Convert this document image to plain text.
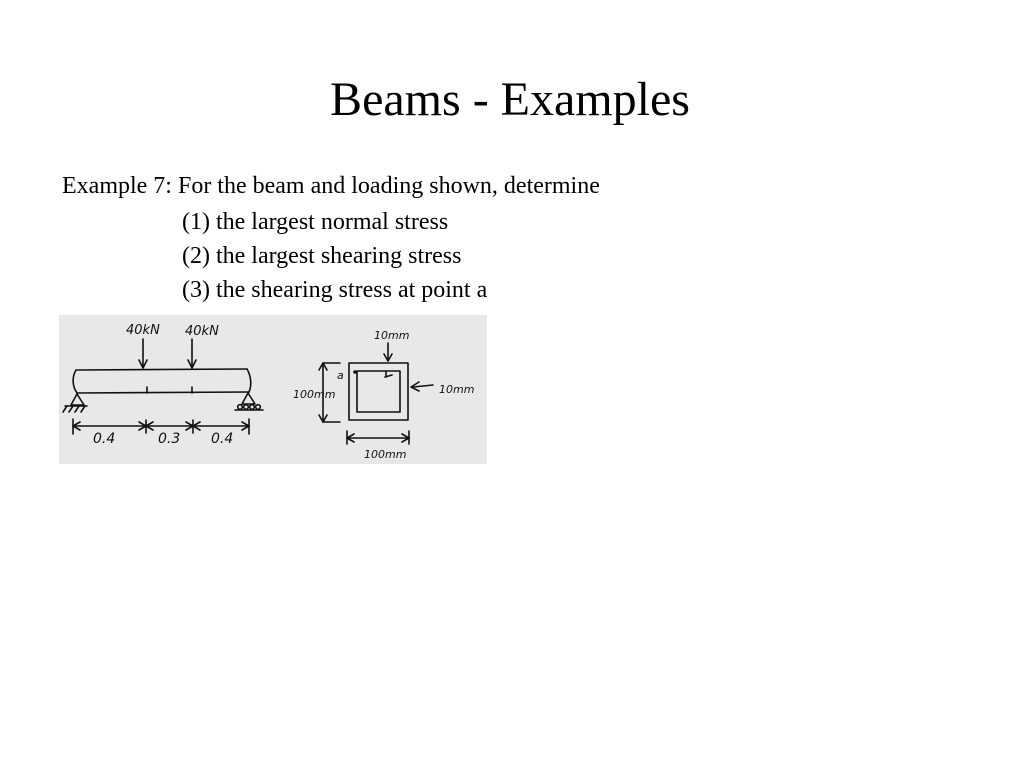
Beams - Examples
Example 7: For the beam and loading shown, determine
(1) the largest normal stress
(2) the largest shearing stress
(3) the shearing stress at point a
40kN 40kN
0.4	0.3 0.4
10mm
10mm
100mm
100mm
a
